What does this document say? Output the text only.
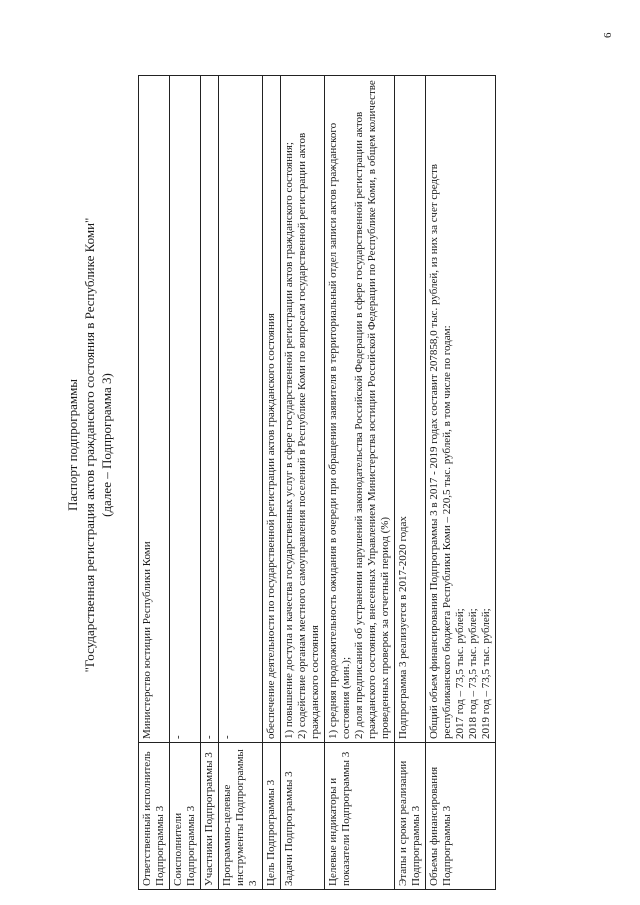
6
Паспорт подпрограммы "Государственная регистрация актов гражданского состояния в Республике Коми" (далее – Подпрограмма 3)
Ответственный исполнитель Подпрограммы 3	Министерство юстиции Республики Коми

Соисполнители Подпрограммы 3	-

Участники Подпрограммы 3	-

Программно-целевые инструменты Подпрограммы 3	-

Цель Подпрограммы 3	обеспечение деятельности по государственной регистрации актов гражданского состояния

Задачи Подпрограммы 3	1) повышение доступа и качества государственных услуг в сфере государственной регистрации актов гражданского состояния; 2) содействие органам местного самоуправления поселений в Республике Коми по вопросам государственной регистрации актов гражданского состояния

Целевые индикаторы и показатели Подпрограммы 3	1) средняя продолжительность ожидания в очереди при обращении заявителя в территориальный отдел записи актов гражданского состояния (мин.); 2) доля предписаний об устранении нарушений законодательства Российской Федерации в сфере государственной регистрации актов гражданского состояния, внесенных Управлением Министерства юстиции Российской Федерации по Республике Коми, в общем количестве проведенных проверок за отчетный период (%)

Этапы и сроки реализации Подпрограммы 3	Подпрограмма 3 реализуется в 2017-2020 годах

Объемы финансирования Подпрограммы 3	Общий объем финансирования Подпрограммы 3 в 2017 - 2019 годах составит 207858,0 тыс. рублей, из них за счет средств республиканского бюджета Республики Коми – 220,5 тыс. рублей, в том числе по годам: 2017 год – 73,5 тыс. рублей; 2018 год – 73,5 тыс. рублей; 2019 год – 73,5 тыс. рублей;
